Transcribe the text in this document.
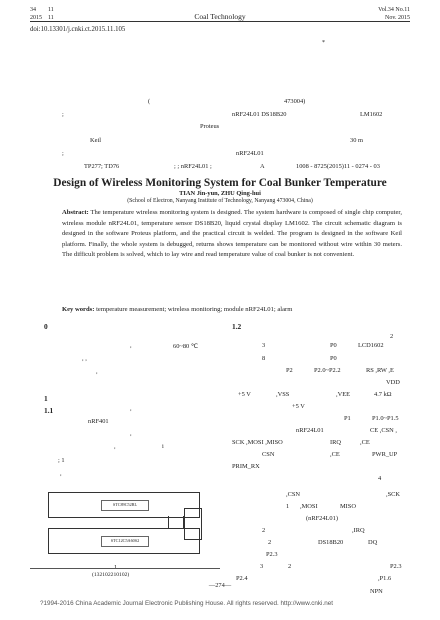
34
2015
11
11	Coal Technology
Vol.34 No.11
Nov. 2015
doi:10.13301/j.cnki.ct.2015.11.105
*
(	473004)
;	nRF24L01 DS18B20	LM1602
Proteus
Keil	30 m
;	nRF24L01
TP277; TD76	; ; nRF24L01 ;	A	1008 - 8725(2015)11 - 0274 - 03
Design of Wireless Monitoring System for Coal Bunker Temperature
TIAN Jin-yun, ZHU Qing-hui
(School of Electron, Nanyang Institute of Technology, Nanyang 473004, China)
Abstract: The temperature wireless monitoring system is designed. The system hardware is composed of single chip computer, wireless module nRF24L01, temperature sensor DS18B20, liquid crystal display LM1602. The circuit schematic diagram is designed in the software Proteus platform, and the practical circuit is welded. The program is designed in the software Keil platform. Finally, the whole system is debugged, returns shows temperature can be monitored without wire within 30 meters. The difficult problem is solved, which to lay wire and read temperature value of coal bunker is not convenient.
Key words: temperature measurement; wireless monitoring; module nRF24L01; alarm
0
60~80 ℃
,
, ,
,
1
1.1
nRF401
,
,
,	i
; 1
,
STC89C52RL
STC12C5A60S2
1
(132102210102)
1.2
2
3	P0	LCD1602
8	P0
P2	P2.0~P2.2	RS ,RW ,E
VDD
+5 V	,VSS	,VEE	4.7 kΩ
+5 V
P1	P1.0~P1.5
nRF24L01	CE ,CSN ,
SCK ,MOSI ,MISO	IRQ	,CE
CSN	,CE	PWR_UP
PRIM_RX
4
,CSN	,SCK
1 ,MOSI	MISO
(nRF24L01)
2	,IRQ
2	DS18B20	DQ
P2.3
3	2	P2.3
P2.4	,P1.6
NPN
—274—
?1994-2016 China Academic Journal Electronic Publishing House. All rights reserved. http://www.cnki.net
